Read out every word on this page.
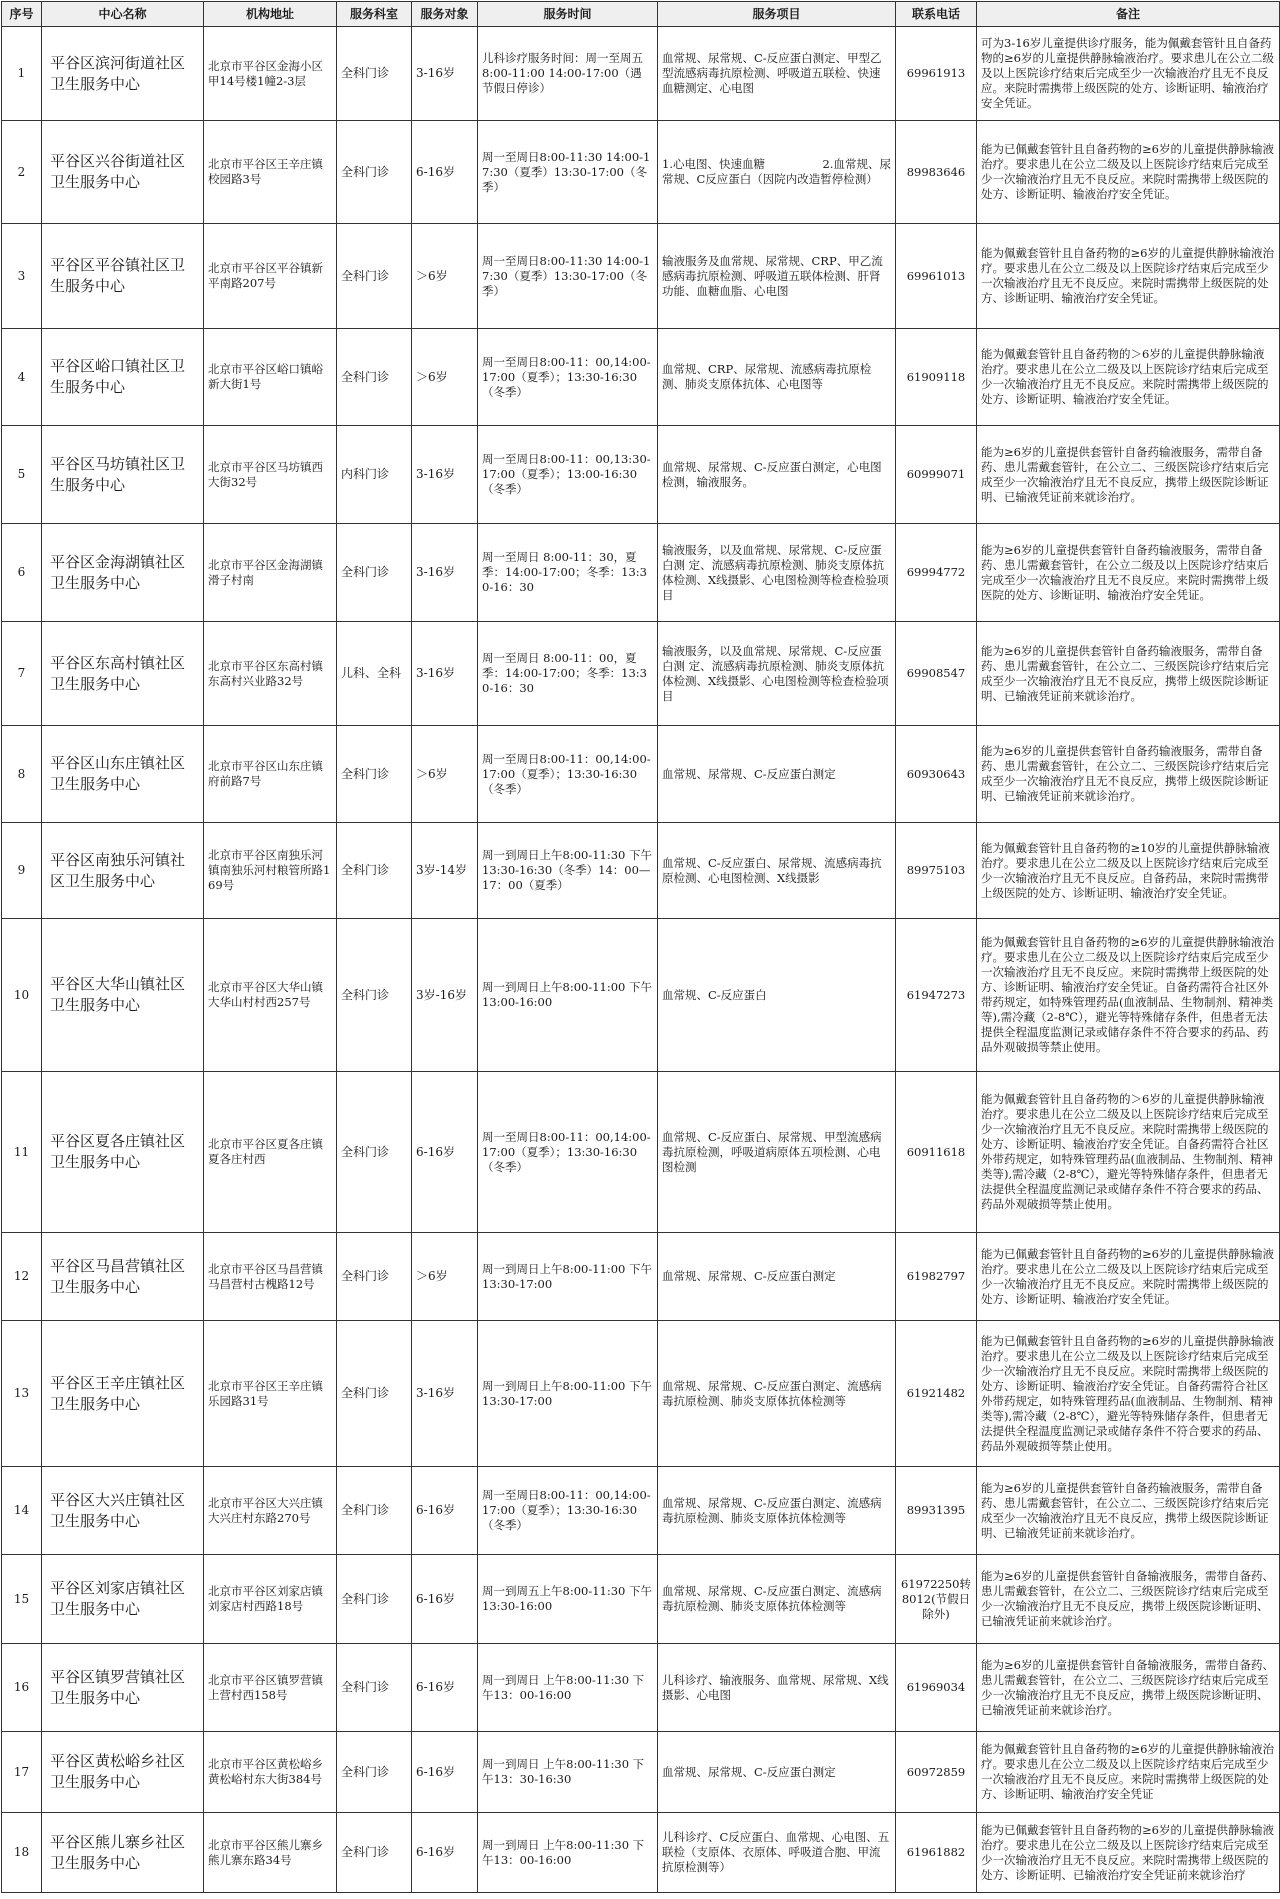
序号	中心名称	机构地址	服务科室	服务对象	服务时间	服务项目	联系电话	备注
1	平谷区滨河街道社区卫生服务中心	北京市平谷区金海小区甲14号楼1幢2-3层	全科门诊	3-16岁	儿科诊疗服务时间：周一至周五8:00-11:00 14:00-17:00（遇节假日停诊）	血常规、尿常规、C-反应蛋白测定、甲型乙型流感病毒抗原检测、呼吸道五联检、快速血糖测定、心电图	69961913	可为3-16岁儿童提供诊疗服务，能为佩戴套管针且自备药物的≥6岁的儿童提供静脉输液治疗。要求患儿在公立二级及以上医院诊疗结束后完成至少一次输液治疗且无不良反应。来院时需携带上级医院的处方、诊断证明、输液治疗安全凭证。
2	平谷区兴谷街道社区卫生服务中心	北京市平谷区王辛庄镇校园路3号	全科门诊	6-16岁	周一至周日8:00-11:30 14:00-17:30（夏季）13:30-17:00（冬季）	1.心电图、快速血糖　　　　　2.血常规、尿常规、C反应蛋白（因院内改造暂停检测）	89983646	能为已佩戴套管针且自备药物的≥6岁的儿童提供静脉输液治疗。要求患儿在公立二级及以上医院诊疗结束后完成至少一次输液治疗且无不良反应。来院时需携带上级医院的处方、诊断证明、输液治疗安全凭证。
3	平谷区平谷镇社区卫生服务中心	北京市平谷区平谷镇新平南路207号	全科门诊	＞6岁	周一至周日8:00-11:30 14:00-17:30（夏季）13:30-17:00（冬季）	输液服务及血常规、尿常规、CRP、甲乙流感病毒抗原检测、呼吸道五联体检测、肝肾功能、血糖血脂、心电图	69961013	能为佩戴套管针且自备药物的≥6岁的儿童提供静脉输液治疗。要求患儿在公立二级及以上医院诊疗结束后完成至少一次输液治疗且无不良反应。来院时需携带上级医院的处方、诊断证明、输液治疗安全凭证。
4	平谷区峪口镇社区卫生服务中心	北京市平谷区峪口镇峪新大街1号	全科门诊	＞6岁	周一至周日8:00-11：00,14:00-17:00（夏季）；13:30-16:30（冬季）	血常规、CRP、尿常规、流感病毒抗原检测、肺炎支原体抗体、心电图等	61909118	能为佩戴套管针且自备药物的＞6岁的儿童提供静脉输液治疗。要求患儿在公立二级及以上医院诊疗结束后完成至少一次输液治疗且无不良反应。来院时需携带上级医院的处方、诊断证明、输液治疗安全凭证。
5	平谷区马坊镇社区卫生服务中心	北京市平谷区马坊镇西大街32号	内科门诊	3-16岁	周一至周日8:00-11：00,13:30-17:00（夏季）；13:00-16:30（冬季）	血常规、尿常规、C-反应蛋白测定，心电图检测，输液服务。	60999071	能为≥6岁的儿童提供套管针自备药输液服务，需带自备药、患儿需戴套管针，在公立二、三级医院诊疗结束后完成至少一次输液治疗且无不良反应，携带上级医院诊断证明、已输液凭证前来就诊治疗。
6	平谷区金海湖镇社区卫生服务中心	北京市平谷区金海湖镇滑子村南	全科门诊	3-16岁	周一至周日 8:00-11：30，夏季：14:00-17:00；冬季：13:30-16：30	输液服务，以及血常规、尿常规、C-反应蛋白测 定、流感病毒抗原检测、肺炎支原体抗体检测、X线摄影、心电图检测等检查检验项目	69994772	能为≥6岁的儿童提供套管针自备药输液服务，需带自备药、患儿需戴套管针，在公立二级及以上医院诊疗结束后完成至少一次输液治疗且无不良反应。来院时需携带上级医院的处方、诊断证明、输液治疗安全凭证。
7	平谷区东高村镇社区卫生服务中心	北京市平谷区东高村镇东高村兴业路32号	儿科、全科	3-16岁	周一至周日 8:00-11：00，夏季：14:00-17:00；冬季：13:30-16：30	输液服务，以及血常规、尿常规、C-反应蛋白测 定、流感病毒抗原检测、肺炎支原体抗体检测、X线摄影、心电图检测等检查检验项目	69908547	能为≥6岁的儿童提供套管针自备药输液服务，需带自备药、患儿需戴套管针，在公立二、三级医院诊疗结束后完成至少一次输液治疗且无不良反应，携带上级医院诊断证明、已输液凭证前来就诊治疗。
8	平谷区山东庄镇社区卫生服务中心	北京市平谷区山东庄镇府前路7号	全科门诊	＞6岁	周一至周日8:00-11：00,14:00-17:00（夏季）；13:30-16:30（冬季）	血常规、尿常规、C-反应蛋白测定	60930643	能为≥6岁的儿童提供套管针自备药输液服务，需带自备药、患儿需戴套管针，在公立二、三级医院诊疗结束后完成至少一次输液治疗且无不良反应，携带上级医院诊断证明、已输液凭证前来就诊治疗。
9	平谷区南独乐河镇社区卫生服务中心	北京市平谷区南独乐河镇南独乐河村粮管所路169号	全科门诊	3岁-14岁	周一到周日上午8:00-11:30 下午13:30-16:30（冬季）14：00—17：00（夏季）	血常规、C-反应蛋白、尿常规、流感病毒抗原检测、心电图检测、X线摄影	89975103	能为佩戴套管针且自备药物的≥10岁的儿童提供静脉输液治疗。要求患儿在公立二级及以上医院诊疗结束后完成至少一次输液治疗且无不良反应。自备药品，来院时需携带上级医院的处方、诊断证明、输液治疗安全凭证。
10	平谷区大华山镇社区卫生服务中心	北京市平谷区大华山镇大华山村村西257号	全科门诊	3岁-16岁	周一到周日上午8:00-11:00 下午13:00-16:00	血常规、C-反应蛋白	61947273	能为佩戴套管针且自备药物的≥6岁的儿童提供静脉输液治疗。要求患儿在公立二级及以上医院诊疗结束后完成至少一次输液治疗且无不良反应。来院时需携带上级医院的处方、诊断证明、输液治疗安全凭证。自备药需符合社区外带药规定，如特殊管理药品(血液制品、生物制剂、精神类等),需冷藏（2-8℃），避光等特殊储存条件，但患者无法提供全程温度监测记录或储存条件不符合要求的药品、药品外观破损等禁止使用。
11	平谷区夏各庄镇社区卫生服务中心	北京市平谷区夏各庄镇夏各庄村西	全科门诊	6-16岁	周一至周日8:00-11：00,14:00-17:00（夏季）；13:30-16:30（冬季）	血常规、C-反应蛋白、尿常规、甲型流感病毒抗原检测，呼吸道病原体五项检测、心电图检测	60911618	能为佩戴套管针且自备药物的＞6岁的儿童提供静脉输液治疗。要求患儿在公立二级及以上医院诊疗结束后完成至少一次输液治疗且无不良反应。来院时需携带上级医院的处方、诊断证明、输液治疗安全凭证。自备药需符合社区外带药规定，如特殊管理药品(血液制品、生物制剂、精神类等),需冷藏（2-8℃），避光等特殊储存条件，但患者无法提供全程温度监测记录或储存条件不符合要求的药品、药品外观破损等禁止使用。
12	平谷区马昌营镇社区卫生服务中心	北京市平谷区马昌营镇马昌营村古槐路12号	全科门诊	＞6岁	周一到周日上午8:00-11:00 下午13:30-17:00	血常规、尿常规、C-反应蛋白测定	61982797	能为已佩戴套管针且自备药物的≥6岁的儿童提供静脉输液治疗。要求患儿在公立二级及以上医院诊疗结束后完成至少一次输液治疗且无不良反应。来院时需携带上级医院的处方、诊断证明、输液治疗安全凭证。
13	平谷区王辛庄镇社区卫生服务中心	北京市平谷区王辛庄镇乐园路31号	全科门诊	3-16岁	周一到周日上午8:00-11:00 下午13:30-17:00	血常规、尿常规、C-反应蛋白测定、流感病毒抗原检测、肺炎支原体抗体检测等	61921482	能为已佩戴套管针且自备药物的≥6岁的儿童提供静脉输液治疗。要求患儿在公立二级及以上医院诊疗结束后完成至少一次输液治疗且无不良反应。来院时需携带上级医院的处方、诊断证明、输液治疗安全凭证。自备药需符合社区外带药规定，如特殊管理药品(血液制品、生物制剂、精神类等),需冷藏（2-8℃），避光等特殊储存条件，但患者无法提供全程温度监测记录或储存条件不符合要求的药品、药品外观破损等禁止使用。
14	平谷区大兴庄镇社区卫生服务中心	北京市平谷区大兴庄镇大兴庄村东路270号	全科门诊	6-16岁	周一至周日8:00-11：00,14:00-17:00（夏季）；13:30-16:30（冬季）	血常规、尿常规、C-反应蛋白测定、流感病毒抗原检测、肺炎支原体抗体检测等	89931395	能为≥6岁的儿童提供套管针自备药输液服务，需带自备药、患儿需戴套管针，在公立二、三级医院诊疗结束后完成至少一次输液治疗且无不良反应，携带上级医院诊断证明、已输液凭证前来就诊治疗。
15	平谷区刘家店镇社区卫生服务中心	北京市平谷区刘家店镇刘家店村西路18号	全科门诊	6-16岁	周一到周五上午8:00-11:30 下午13:30-16:00	血常规、尿常规、C-反应蛋白测定、流感病毒抗原检测、肺炎支原体抗体检测等	61972250转8012(节假日除外)	能为≥6岁的儿童提供套管针自备输液服务，需带自备药、患儿需戴套管针，在公立二、三级医院诊疗结束后完成至少一次输液治疗且无不良反应，携带上级医院诊断证明、已输液凭证前来就诊治疗。
16	平谷区镇罗营镇社区卫生服务中心	北京市平谷区镇罗营镇上营村西158号	全科门诊	6-16岁	周一到周日 上午8:00-11:30 下午13：00-16:00	儿科诊疗、输液服务、血常规、尿常规、X线摄影、心电图	61969034	能为≥6岁的儿童提供套管针自备输液服务，需带自备药、患儿需戴套管针，在公立二、三级医院诊疗结束后完成至少一次输液治疗且无不良反应，携带上级医院诊断证明、已输液凭证前来就诊治疗。
17	平谷区黄松峪乡社区卫生服务中心	北京市平谷区黄松峪乡黄松峪村东大街384号	全科门诊	6-16岁	周一到周日 上午8:00-11:30 下午13：30-16:30	血常规、尿常规、C-反应蛋白测定	60972859	能为佩戴套管针且自备药物的≥6岁的儿童提供静脉输液治疗。要求患儿在公立二级及以上医院诊疗结束后完成至少一次输液治疗且无不良反应。来院时需携带上级医院的处方、诊断证明、输液治疗安全凭证
18	平谷区熊儿寨乡社区卫生服务中心	北京市平谷区熊儿寨乡熊儿寨东路34号	全科门诊	6-16岁	周一到周日 上午8:00-11:30 下午13：00-16:00	儿科诊疗、C反应蛋白、血常规、心电图、五联检（支原体、衣原体、呼吸道合胞、甲流抗原检测等）	61961882	能为已佩戴套管针且自备药物的≥6岁的儿童提供静脉输液治疗。要求患儿在公立二级及以上医院诊疗结束后完成至少一次输液治疗且无不良反应。来院时需携带上级医院的处方、诊断证明、已输液治疗安全凭证前来就诊治疗
